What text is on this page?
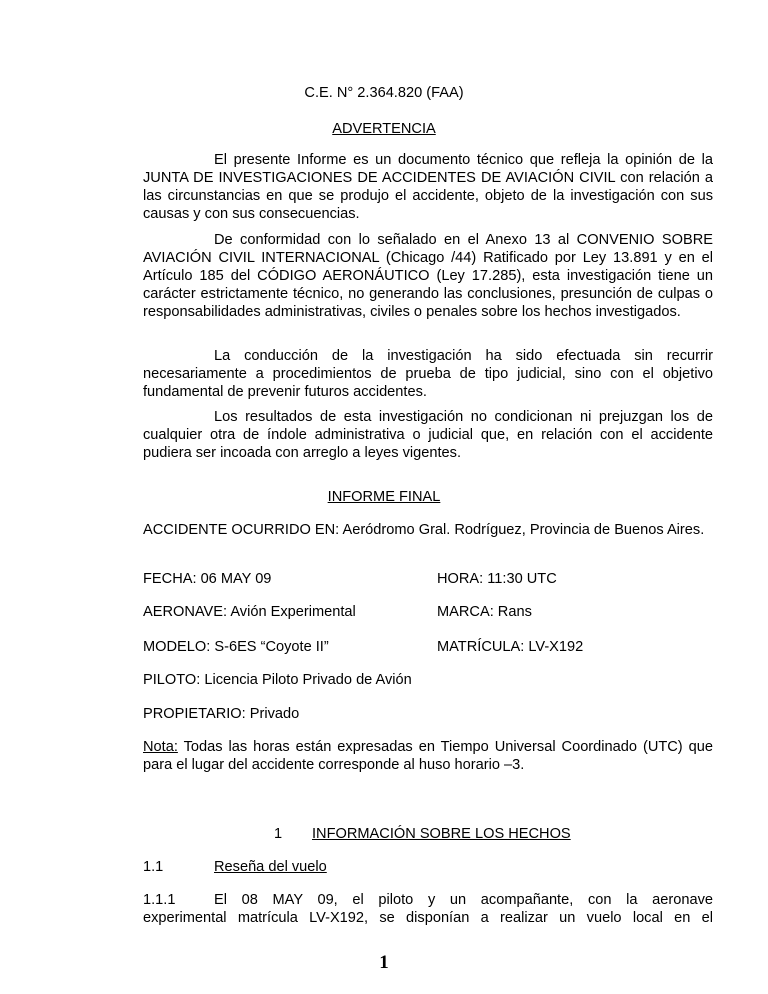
C.E. N° 2.364.820 (FAA)
ADVERTENCIA
El presente Informe es un documento técnico que refleja la opinión de la JUNTA DE INVESTIGACIONES DE ACCIDENTES DE AVIACIÓN CIVIL con relación a las circunstancias en que se produjo el accidente, objeto de la investigación con sus causas y con sus consecuencias.
De conformidad con lo señalado en el Anexo 13 al CONVENIO SOBRE AVIACIÓN CIVIL INTERNACIONAL (Chicago /44) Ratificado por Ley 13.891 y en el Artículo 185 del CÓDIGO AERONÁUTICO (Ley 17.285), esta investigación tiene un carácter estrictamente técnico, no generando las conclusiones, presunción de culpas o responsabilidades administrativas, civiles o penales sobre los hechos investigados.
La conducción de la investigación ha sido efectuada sin recurrir necesariamente a procedimientos de prueba de tipo judicial, sino con el objetivo fundamental de prevenir futuros accidentes.
Los resultados de esta investigación no condicionan ni prejuzgan los de cualquier otra de índole administrativa o judicial que, en relación con el accidente pudiera ser incoada con arreglo a leyes vigentes.
INFORME FINAL
ACCIDENTE OCURRIDO EN: Aeródromo Gral. Rodríguez, Provincia de Buenos Aires.
FECHA: 06 MAY 09	HORA: 11:30 UTC
AERONAVE: Avión Experimental	MARCA: Rans
MODELO: S-6ES “Coyote II”	MATRÍCULA: LV-X192
PILOTO: Licencia Piloto Privado de Avión
PROPIETARIO: Privado
Nota: Todas las horas están expresadas en Tiempo Universal Coordinado (UTC) que para el lugar del accidente corresponde al huso horario –3.
1 INFORMACIÓN SOBRE LOS HECHOS
1.1	Reseña del vuelo
1.1.1	El 08 MAY 09, el piloto y un acompañante, con la aeronave
experimental matrícula LV-X192, se disponían a realizar un vuelo local en el
1
